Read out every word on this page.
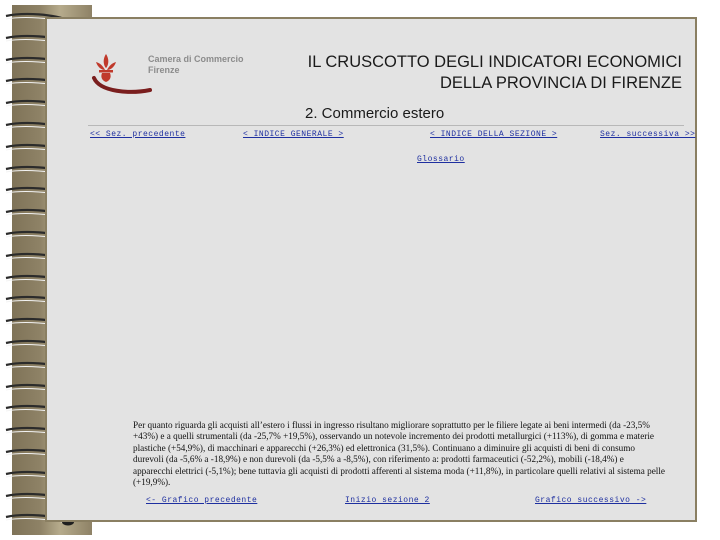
Camera di Commercio
Firenze	IL CRUSCOTTO DEGLI INDICATORI ECONOMICI
DELLA PROVINCIA DI FIRENZE
2. Commercio estero
<< Sez. precedente	< INDICE GENERALE >	< INDICE DELLA SEZIONE >	Sez. successiva >>
Glossario
Per quanto riguarda gli acquisti all’estero i flussi in ingresso risultano migliorare soprattutto per le filiere legate ai beni intermedi (da -23,5% +43%) e a quelli strumentali (da -25,7% +19,5%), osservando un notevole incremento dei prodotti metallurgici (+113%), di gomma e materie plastiche (+54,9%), di macchinari e apparecchi (+26,3%) ed elettronica (31,5%). Continuano a diminuire gli acquisti di beni di consumo durevoli (da -5,6% a -18,9%) e non durevoli (da -5,5% a -8,5%), con riferimento a: prodotti farmaceutici (-52,2%), mobili (-18,4%) e apparecchi elettrici (-5,1%); bene tuttavia gli acquisti di prodotti afferenti al sistema moda (+11,8%), in particolare quelli relativi al sistema pelle (+19,9%).
<- Grafico precedente	Inizio sezione 2	Grafico successivo ->
